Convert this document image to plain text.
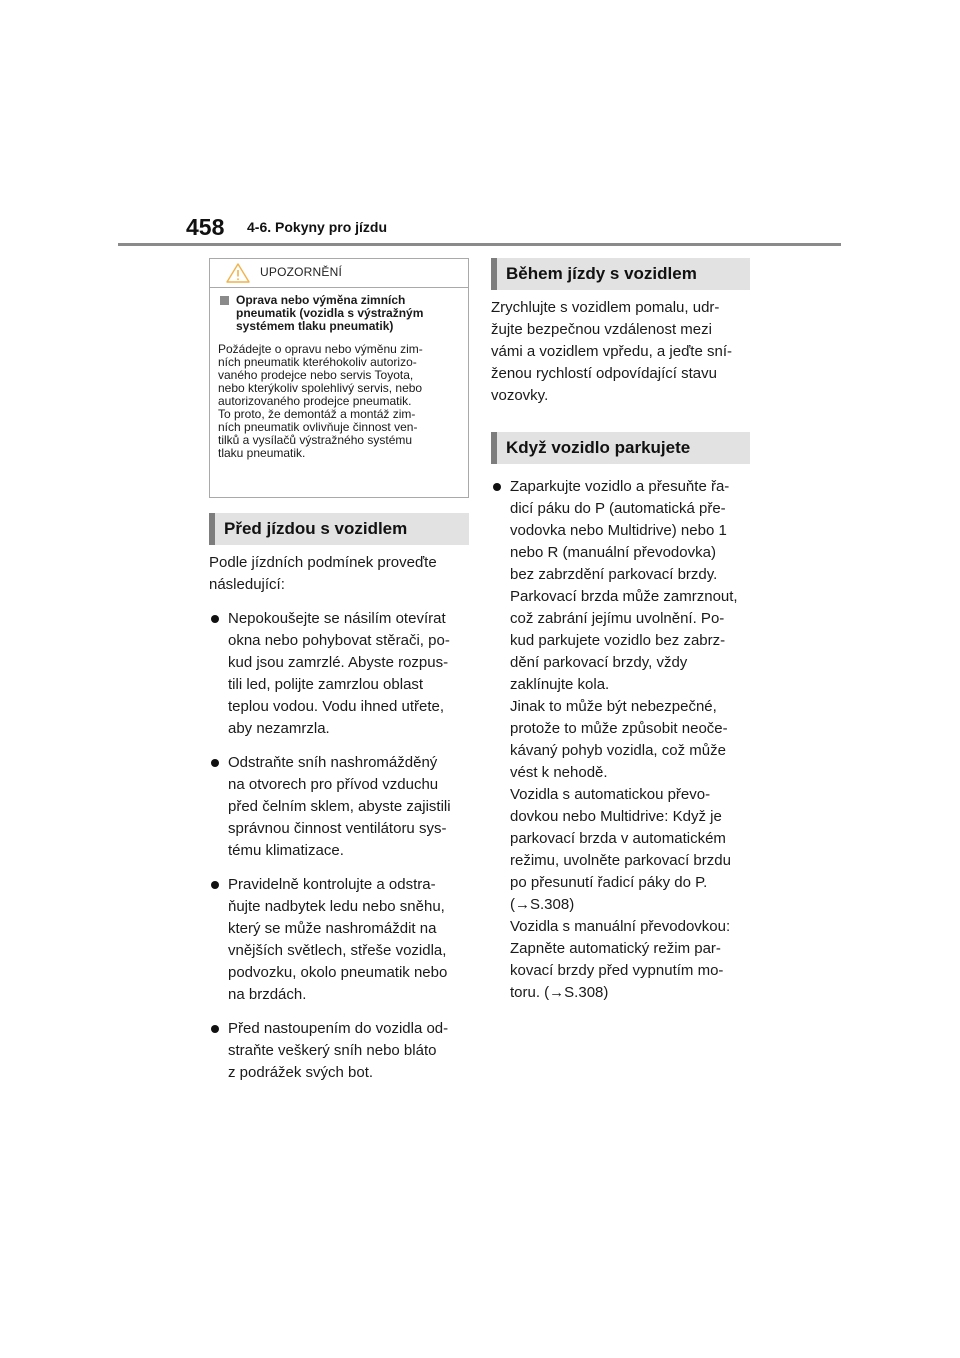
458 4-6. Pokyny pro jízdu
UPOZORNĚNÍ
Oprava nebo výměna zimních
pneumatik (vozidla s výstražným
systémem tlaku pneumatik)
Požádejte o opravu nebo výměnu zim-
ních pneumatik kteréhokoliv autorizo-
vaného prodejce nebo servis Toyota,
nebo kterýkoliv spolehlivý servis, nebo
autorizovaného prodejce pneumatik.
To proto, že demontáž a montáž zim-
ních pneumatik ovlivňuje činnost ven-
tilků a vysílačů výstražného systému
tlaku pneumatik.
Před jízdou s vozidlem
Podle jízdních podmínek proveďte
následující:
Nepokoušejte se násilím otevírat
okna nebo pohybovat stěrači, po-
kud jsou zamrzlé. Abyste rozpus-
tili led, polijte zamrzlou oblast
teplou vodou. Vodu ihned utřete,
aby nezamrzla.
Odstraňte sníh nashromážděný
na otvorech pro přívod vzduchu
před čelním sklem, abyste zajistili
správnou činnost ventilátoru sys-
tému klimatizace.
Pravidelně kontrolujte a odstra-
ňujte nadbytek ledu nebo sněhu,
který se může nashromáždit na
vnějších světlech, střeše vozidla,
podvozku, okolo pneumatik nebo
na brzdách.
Před nastoupením do vozidla od-
straňte veškerý sníh nebo bláto
z podrážek svých bot.
Během jízdy s vozidlem
Zrychlujte s vozidlem pomalu, udr-
žujte bezpečnou vzdálenost mezi
vámi a vozidlem vpředu, a jeďte sní-
ženou rychlostí odpovídající stavu
vozovky.
Když vozidlo parkujete
Zaparkujte vozidlo a přesuňte řa-
dicí páku do P (automatická pře-
vodovka nebo Multidrive) nebo 1
nebo R (manuální převodovka)
bez zabrzdění parkovací brzdy.
Parkovací brzda může zamrznout,
což zabrání jejímu uvolnění. Po-
kud parkujete vozidlo bez zabrz-
dění parkovací brzdy, vždy
zaklínujte kola.
Jinak to může být nebezpečné,
protože to může způsobit neoče-
kávaný pohyb vozidla, což může
vést k nehodě.
Vozidla s automatickou převo-
dovkou nebo Multidrive: Když je
parkovací brzda v automatickém
režimu, uvolněte parkovací brzdu
po přesunutí řadicí páky do P.
(→S.308)
Vozidla s manuální převodovkou:
Zapněte automatický režim par-
kovací brzdy před vypnutím mo-
toru. (→S.308)
